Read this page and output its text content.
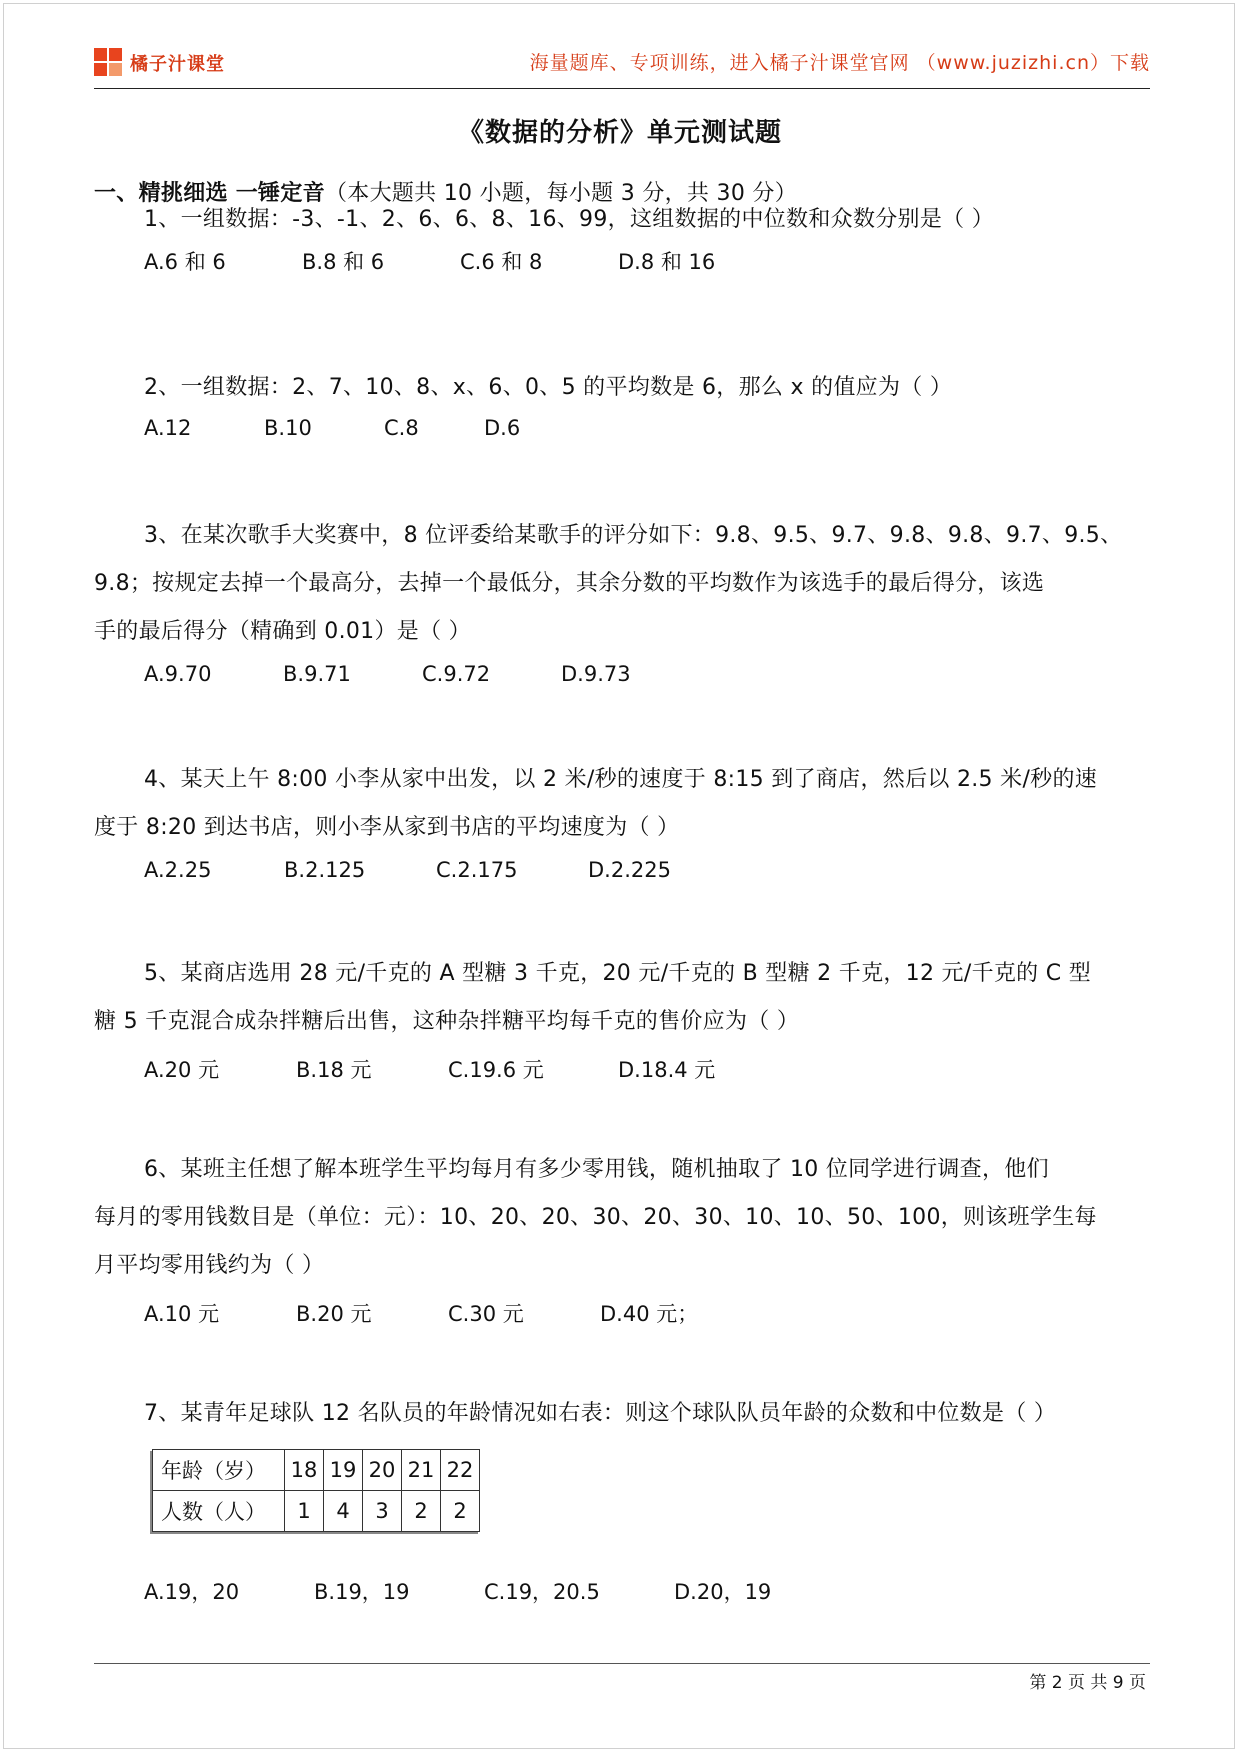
橘子汁课堂	海量题库、专项训练，进入橘子汁课堂官网 （www.juzizhi.cn）下载
《数据的分析》单元测试题
一、精挑细选 一锤定音（本大题共 10 小题，每小题 3 分，共 30 分）
1、一组数据：-3、-1、2、6、6、8、16、99，这组数据的中位数和众数分别是（ ）
A.6 和 6	B.8 和 6	C.6 和 8	D.8 和 16
2、一组数据：2、7、10、8、x、6、0、5 的平均数是 6，那么 x 的值应为（ ）
A.12	B.10	C.8	D.6
3、在某次歌手大奖赛中，8 位评委给某歌手的评分如下：9.8、9.5、9.7、9.8、9.8、9.7、9.5、
9.8；按规定去掉一个最高分，去掉一个最低分，其余分数的平均数作为该选手的最后得分，该选
手的最后得分（精确到 0.01）是（ ）
A.9.70	B.9.71	C.9.72	D.9.73
4、某天上午 8:00 小李从家中出发，以 2 米/秒的速度于 8:15 到了商店，然后以 2.5 米/秒的速
度于 8:20 到达书店，则小李从家到书店的平均速度为（ ）
A.2.25	B.2.125	C.2.175	D.2.225
5、某商店选用 28 元/千克的 A 型糖 3 千克，20 元/千克的 B 型糖 2 千克，12 元/千克的 C 型
糖 5 千克混合成杂拌糖后出售，这种杂拌糖平均每千克的售价应为（ ）
A.20 元	B.18 元	C.19.6 元	D.18.4 元
6、某班主任想了解本班学生平均每月有多少零用钱，随机抽取了 10 位同学进行调查，他们
每月的零用钱数目是（单位：元）：10、20、20、30、20、30、10、10、50、100，则该班学生每
月平均零用钱约为（ ）
A.10 元	B.20 元	C.30 元	D.40 元；
7、某青年足球队 12 名队员的年龄情况如右表：则这个球队队员年龄的众数和中位数是（ ）
年龄（岁）	18	19	20	21	22
人数（人）	1	4	3	2	2
A.19，20	B.19，19	C.19，20.5	D.20，19
第 2 页 共 9 页
